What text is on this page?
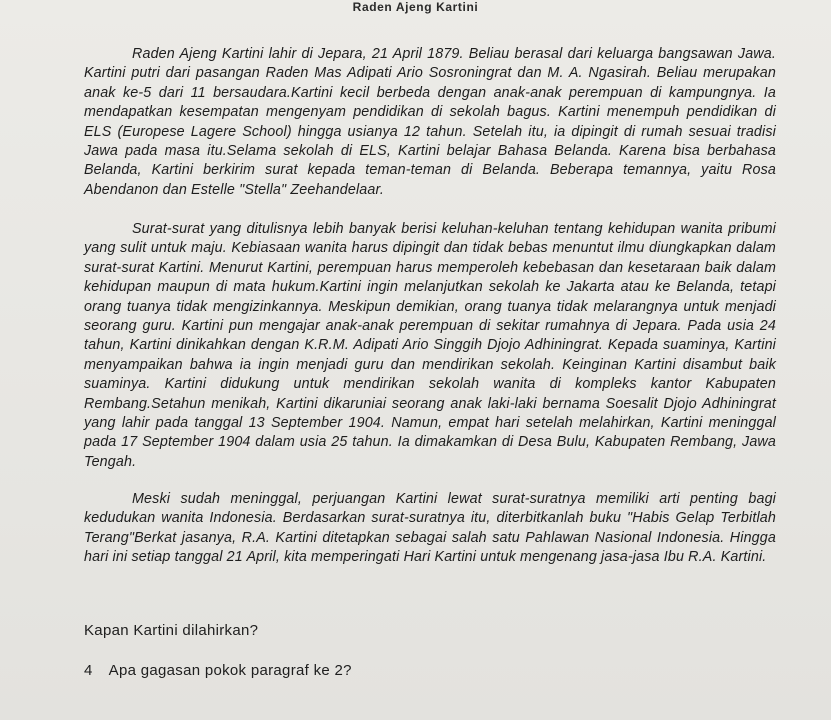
Raden Ajeng Kartini

Raden Ajeng Kartini lahir di Jepara, 21 April 1879. Beliau berasal dari keluarga bangsawan Jawa. Kartini putri dari pasangan Raden Mas Adipati Ario Sosroningrat dan M. A. Ngasirah. Beliau merupakan anak ke-5 dari 11 bersaudara.Kartini kecil berbeda dengan anak-anak perempuan di kampungnya. Ia mendapatkan kesempatan mengenyam pendidikan di sekolah bagus. Kartini menempuh pendidikan di ELS (Europese Lagere School) hingga usianya 12 tahun. Setelah itu, ia dipingit di rumah sesuai tradisi Jawa pada masa itu.Selama sekolah di ELS, Kartini belajar Bahasa Belanda. Karena bisa berbahasa Belanda, Kartini berkirim surat kepada teman-teman di Belanda. Beberapa temannya, yaitu Rosa Abendanon dan Estelle "Stella" Zeehandelaar.

Surat-surat yang ditulisnya lebih banyak berisi keluhan-keluhan tentang kehidupan wanita pribumi yang sulit untuk maju. Kebiasaan wanita harus dipingit dan tidak bebas menuntut ilmu diungkapkan dalam surat-surat Kartini. Menurut Kartini, perempuan harus memperoleh kebebasan dan kesetaraan baik dalam kehidupan maupun di mata hukum.Kartini ingin melanjutkan sekolah ke Jakarta atau ke Belanda, tetapi orang tuanya tidak mengizinkannya. Meskipun demikian, orang tuanya tidak melarangnya untuk menjadi seorang guru. Kartini pun mengajar anak-anak perempuan di sekitar rumahnya di Jepara. Pada usia 24 tahun, Kartini dinikahkan dengan K.R.M. Adipati Ario Singgih Djojo Adhiningrat. Kepada suaminya, Kartini menyampaikan bahwa ia ingin menjadi guru dan mendirikan sekolah. Keinginan Kartini disambut baik suaminya. Kartini didukung untuk mendirikan sekolah wanita di kompleks kantor Kabupaten Rembang.Setahun menikah, Kartini dikaruniai seorang anak laki-laki bernama Soesalit Djojo Adhiningrat yang lahir pada tanggal 13 September 1904. Namun, empat hari setelah melahirkan, Kartini meninggal pada 17 September 1904 dalam usia 25 tahun. Ia dimakamkan di Desa Bulu, Kabupaten Rembang, Jawa Tengah.

Meski sudah meninggal, perjuangan Kartini lewat surat-suratnya memiliki arti penting bagi kedudukan wanita Indonesia. Berdasarkan surat-suratnya itu, diterbitkanlah buku "Habis Gelap Terbitlah Terang"Berkat jasanya, R.A. Kartini ditetapkan sebagai salah satu Pahlawan Nasional Indonesia. Hingga hari ini setiap tanggal 21 April, kita memperingati Hari Kartini untuk mengenang jasa-jasa Ibu R.A. Kartini.

Kapan Kartini dilahirkan?
4 Apa gagasan pokok paragraf ke 2?
